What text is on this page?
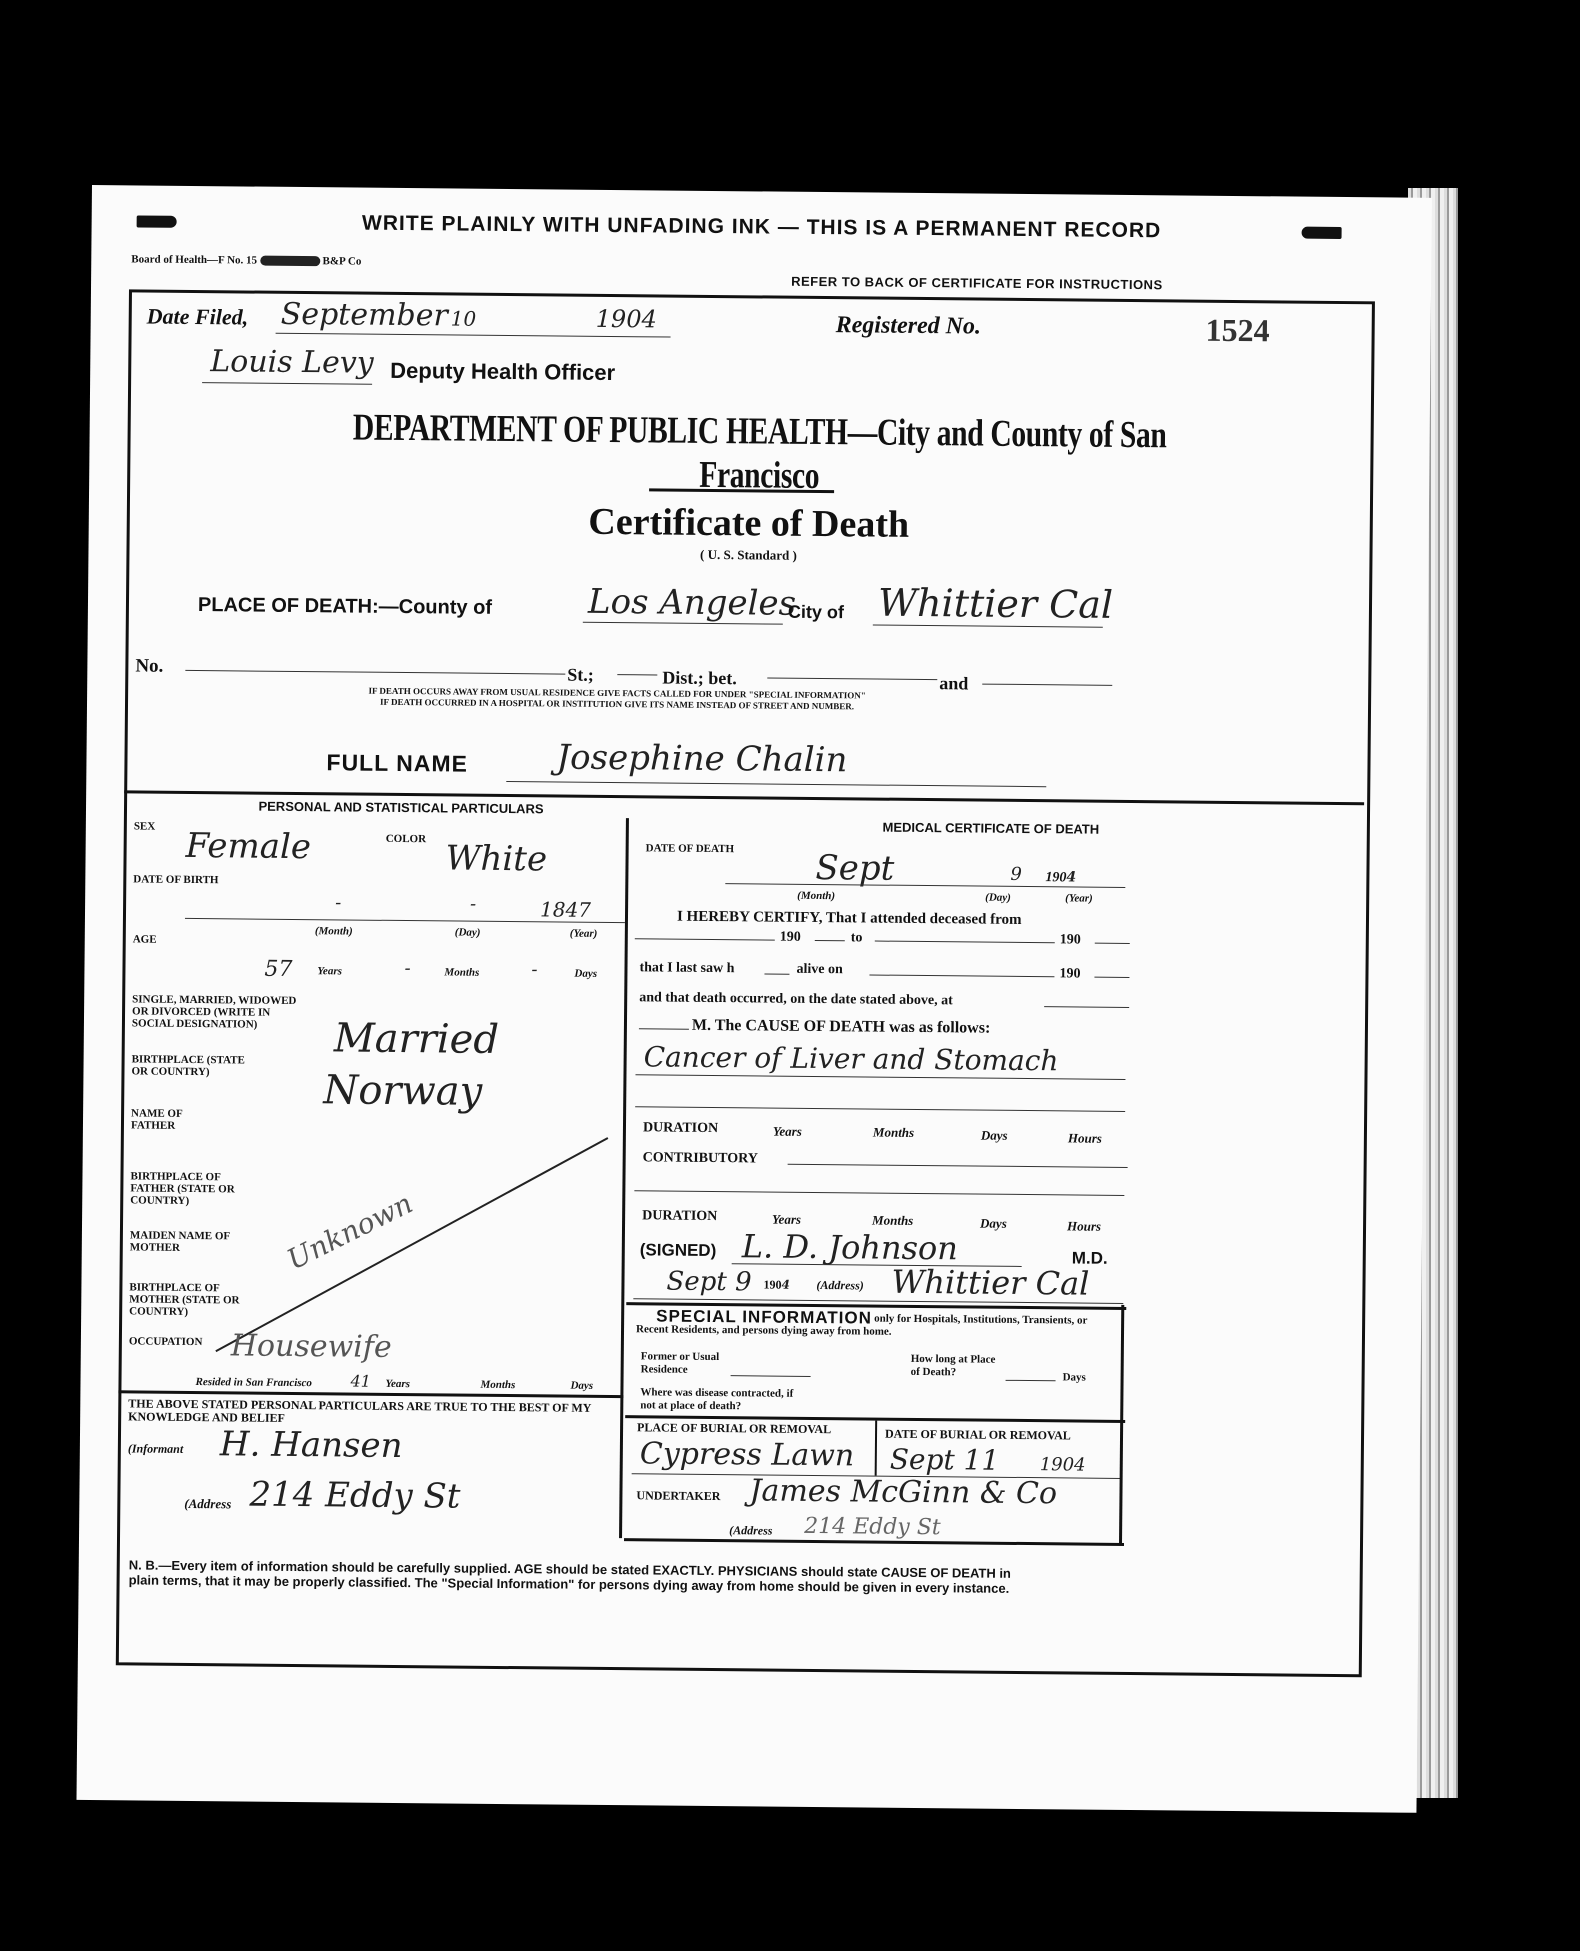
WRITE PLAINLY WITH UNFADING INK — THIS IS A PERMANENT RECORD
Board of Health—F No. 15	B&P Co
REFER TO BACK OF CERTIFICATE FOR INSTRUCTIONS
Date Filed, September 10	1904	Registered No.	1524
Louis Levy Deputy Health Officer
DEPARTMENT OF PUBLIC HEALTH—City and County of San Francisco
Certificate of Death
( U. S. Standard )
PLACE OF DEATH:—County of	Los Angeles
City of Whittier Cal
No.	St.;	Dist.; bet.	and
IF DEATH OCCURS AWAY FROM USUAL RESIDENCE GIVE FACTS CALLED FOR UNDER "SPECIAL INFORMATION"
IF DEATH OCCURRED IN A HOSPITAL OR INSTITUTION GIVE ITS NAME INSTEAD OF STREET AND NUMBER.
FULL NAME	Josephine Chalin
PERSONAL AND STATISTICAL PARTICULARS
SEX Female	COLOR White
DATE OF BIRTH
-	-	1847
(Month)	(Day)	(Year)
AGE
57 Years	-	Months	-	Days
SINGLE, MARRIED, WIDOWED OR DIVORCED (WRITE IN SOCIAL DESIGNATION)	Married
BIRTHPLACE (STATE OR COUNTRY)	Norway
NAME OF FATHER
BIRTHPLACE OF FATHER (STATE OR COUNTRY)
MAIDEN NAME OF MOTHER
BIRTHPLACE OF MOTHER (STATE OR COUNTRY)
Unknown
OCCUPATION Housewife
Resided in San Francisco 41 Years	Months	Days
THE ABOVE STATED PERSONAL PARTICULARS ARE TRUE TO THE BEST OF MY KNOWLEDGE AND BELIEF
(Informant H. Hansen
(Address 214 Eddy St
MEDICAL CERTIFICATE OF DEATH
DATE OF DEATH Sept	9 1904
(Month)	(Day)	(Year)
I HEREBY CERTIFY, That I attended deceased from
190	to	190
that I last saw h	alive on	190
and that death occurred, on the date stated above, at
M. The CAUSE OF DEATH was as follows:
Cancer of Liver and Stomach
DURATION	Years	Months	Days	Hours
CONTRIBUTORY
DURATION	Years	Months	Days	Hours
(SIGNED) L. D. Johnson	M.D.
Sept 9 1904 (Address) Whittier Cal
SPECIAL INFORMATION only for Hospitals, Institutions, Transients, or Recent Residents, and persons dying away from home.
Former or Usual Residence
How long at Place of Death?	Days
Where was disease contracted, if not at place of death?
PLACE OF BURIAL OR REMOVAL	DATE OF BURIAL OR REMOVAL
Cypress Lawn Sept 11 1904
UNDERTAKER James McGinn & Co
(Address 214 Eddy St
N. B.—Every item of information should be carefully supplied. AGE should be stated EXACTLY. PHYSICIANS should state CAUSE OF DEATH in plain terms, that it may be properly classified. The "Special Information" for persons dying away from home should be given in every instance.
